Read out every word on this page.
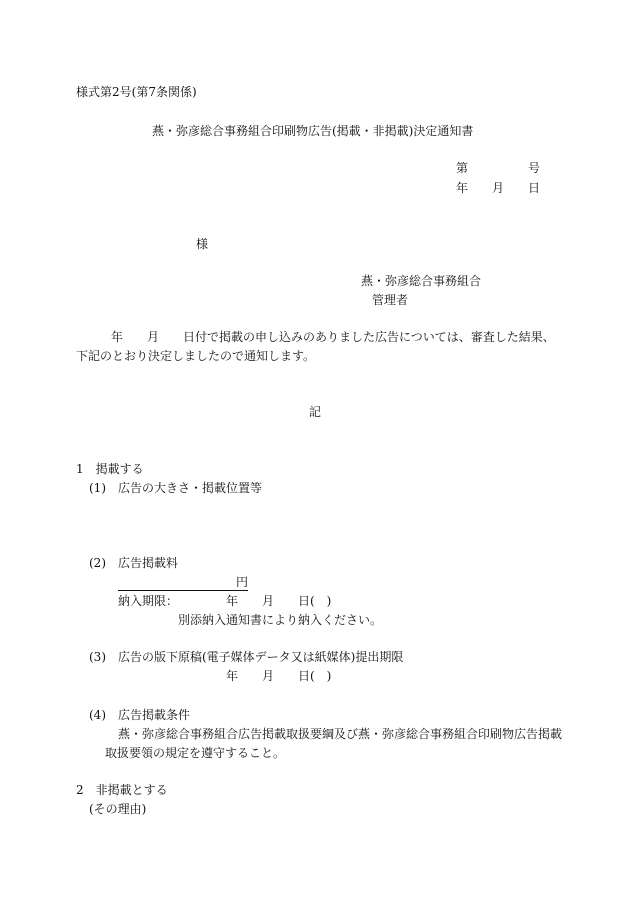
様式第2号(第7条関係)
燕・弥彦総合事務組合印刷物広告(掲載・非掲載)決定通知書
第	号
年 月 日
様
燕・弥彦総合事務組合
管理者
年 月 日付で掲載の申し込みのありました広告については、審査した結果、
下記のとおり決定しましたので通知します。
記
1　掲載する
(1) 広告の大きさ・掲載位置等
(2) 広告掲載料
円
納入期限：	年 月 日(　)
別添納入通知書により納入ください。
(3) 広告の版下原稿(電子媒体データ又は紙媒体)提出期限
年 月 日(　)
(4) 広告掲載条件
燕・弥彦総合事務組合広告掲載取扱要綱及び燕・弥彦総合事務組合印刷物広告掲載
取扱要領の規定を遵守すること。
2　非掲載とする
(その理由)
